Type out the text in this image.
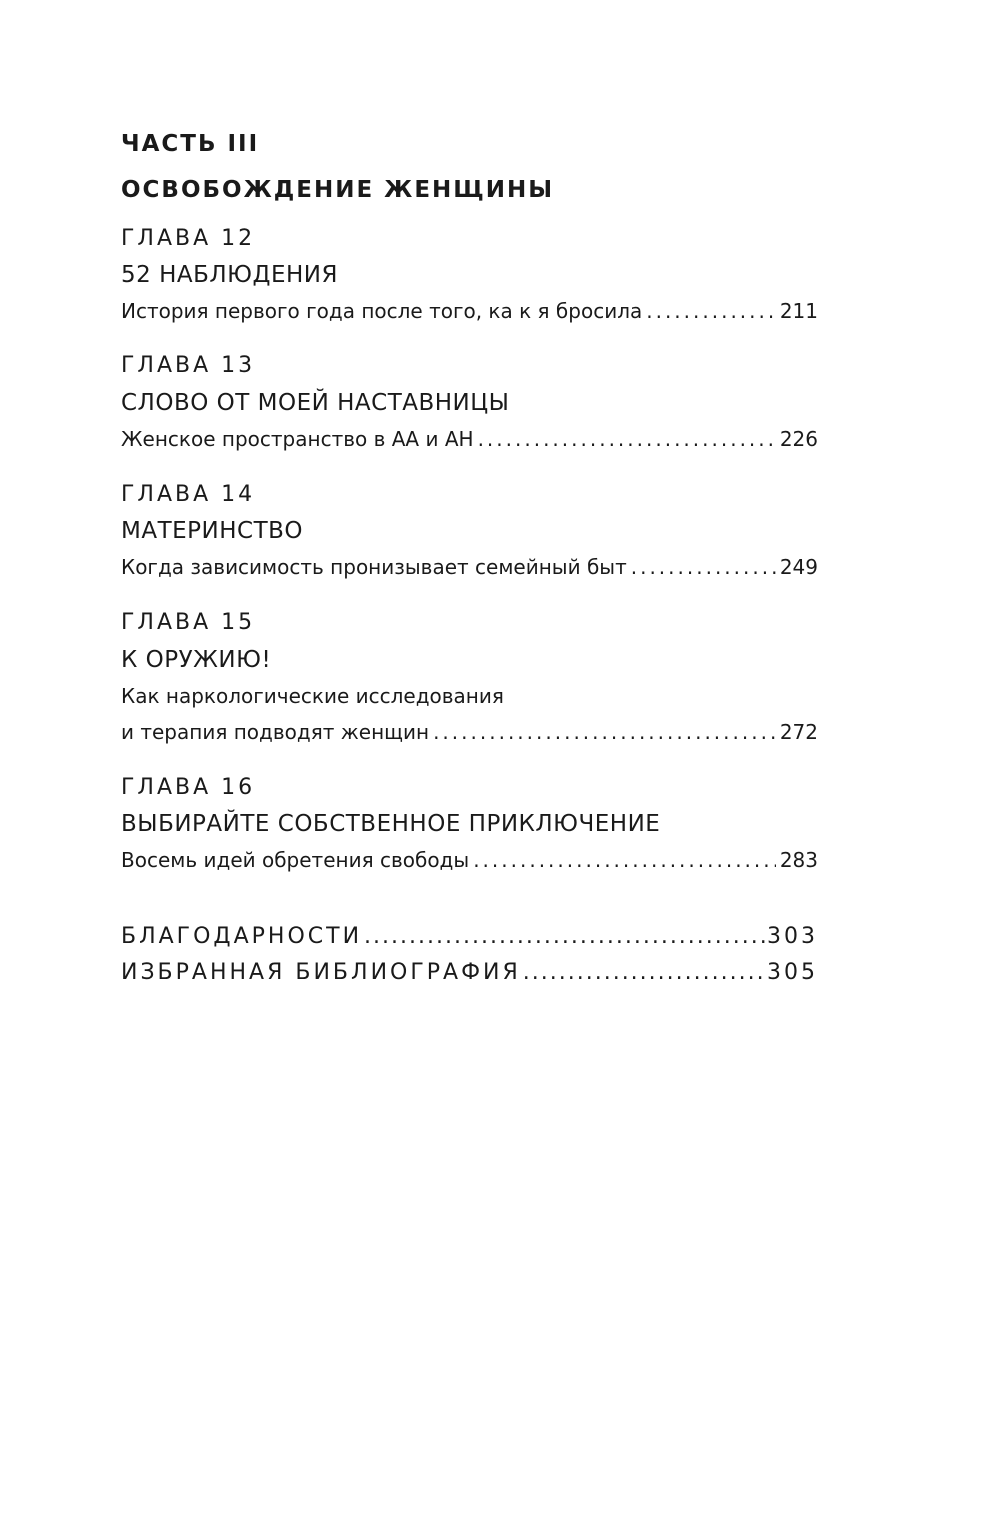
ЧАСТЬ III
ОСВОБОЖДЕНИЕ ЖЕНЩИНЫ
ГЛАВА 12
52 НАБЛЮДЕНИЯ
История первого года после того, ка к я бросила .....	211
ГЛАВА 13
СЛОВО ОТ МОЕЙ НАСТАВНИЦЫ
Женское пространство в АА и АН .....	226
ГЛАВА 14
МАТЕРИНСТВО
Когда зависимость пронизывает семейный быт .....	249
ГЛАВА 15
К ОРУЖИЮ!
Как наркологические исследования
и терапия подводят женщин .....	272
ГЛАВА 16
ВЫБИРАЙТЕ СОБСТВЕННОЕ ПРИКЛЮЧЕНИЕ
Восемь идей обретения свободы .....	283
БЛАГОДАРНОСТИ .....	303
ИЗБРАННАЯ БИБЛИОГРАФИЯ .....	305
